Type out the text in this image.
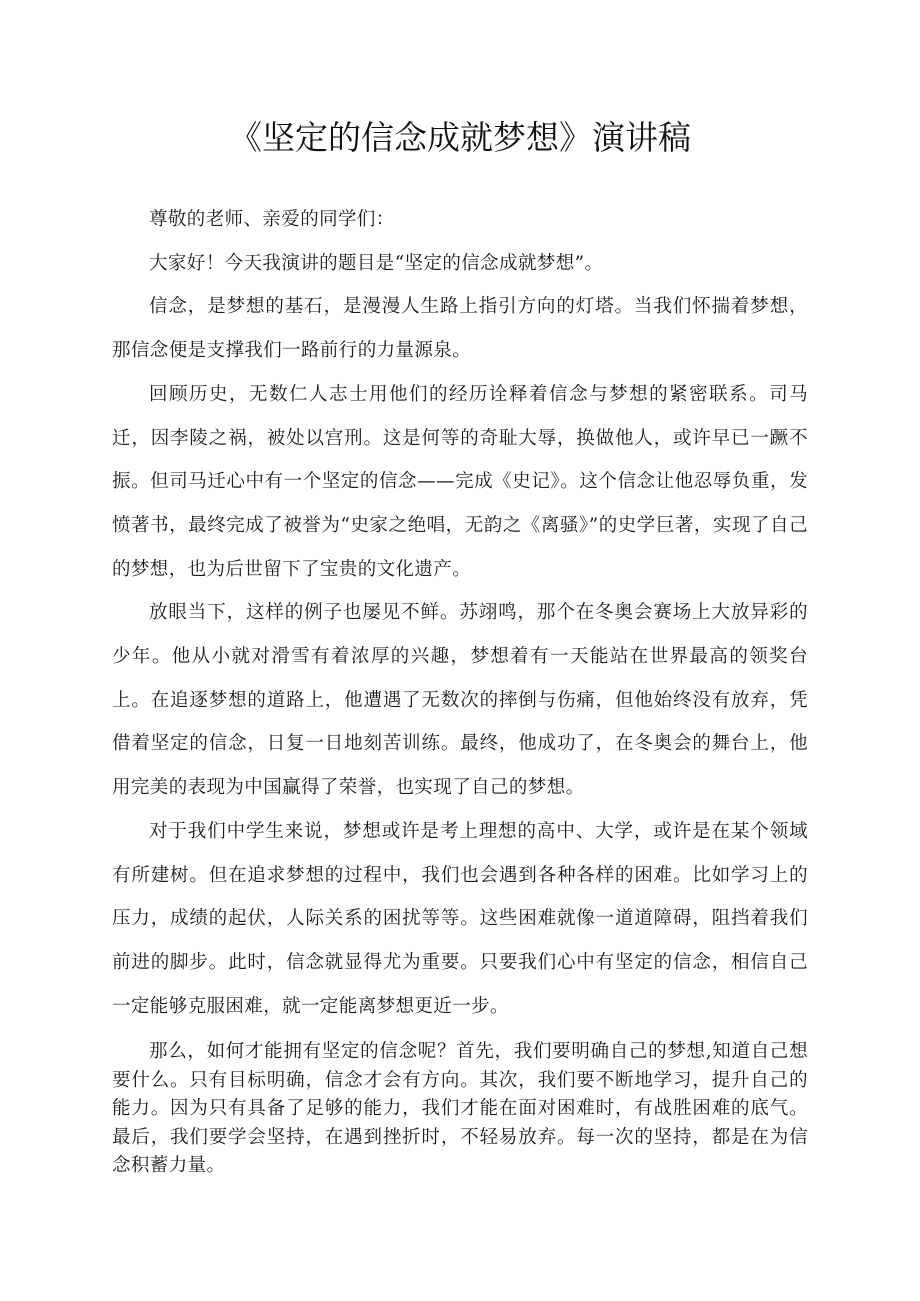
《坚定的信念成就梦想》演讲稿

尊敬的老师、亲爱的同学们：

大家好！今天我演讲的题目是“坚定的信念成就梦想”。

信念，是梦想的基石，是漫漫人生路上指引方向的灯塔。当我们怀揣着梦想，那信念便是支撑我们一路前行的力量源泉。

回顾历史，无数仁人志士用他们的经历诠释着信念与梦想的紧密联系。司马迁，因李陵之祸，被处以宫刑。这是何等的奇耻大辱，换做他人，或许早已一蹶不振。但司马迁心中有一个坚定的信念——完成《史记》。这个信念让他忍辱负重，发愤著书，最终完成了被誉为“史家之绝唱，无韵之《离骚》”的史学巨著，实现了自己的梦想，也为后世留下了宝贵的文化遗产。

放眼当下，这样的例子也屡见不鲜。苏翊鸣，那个在冬奥会赛场上大放异彩的少年。他从小就对滑雪有着浓厚的兴趣，梦想着有一天能站在世界最高的领奖台上。在追逐梦想的道路上，他遭遇了无数次的摔倒与伤痛，但他始终没有放弃，凭借着坚定的信念，日复一日地刻苦训练。最终，他成功了，在冬奥会的舞台上，他用完美的表现为中国赢得了荣誉，也实现了自己的梦想。

对于我们中学生来说，梦想或许是考上理想的高中、大学，或许是在某个领域有所建树。但在追求梦想的过程中，我们也会遇到各种各样的困难。比如学习上的压力，成绩的起伏，人际关系的困扰等等。这些困难就像一道道障碍，阻挡着我们前进的脚步。此时，信念就显得尤为重要。只要我们心中有坚定的信念，相信自己一定能够克服困难，就一定能离梦想更近一步。

那么，如何才能拥有坚定的信念呢？首先，我们要明确自己的梦想,知道自己想要什么。只有目标明确，信念才会有方向。其次，我们要不断地学习，提升自己的能力。因为只有具备了足够的能力，我们才能在面对困难时，有战胜困难的底气。最后，我们要学会坚持，在遇到挫折时，不轻易放弃。每一次的坚持，都是在为信念积蓄力量。
